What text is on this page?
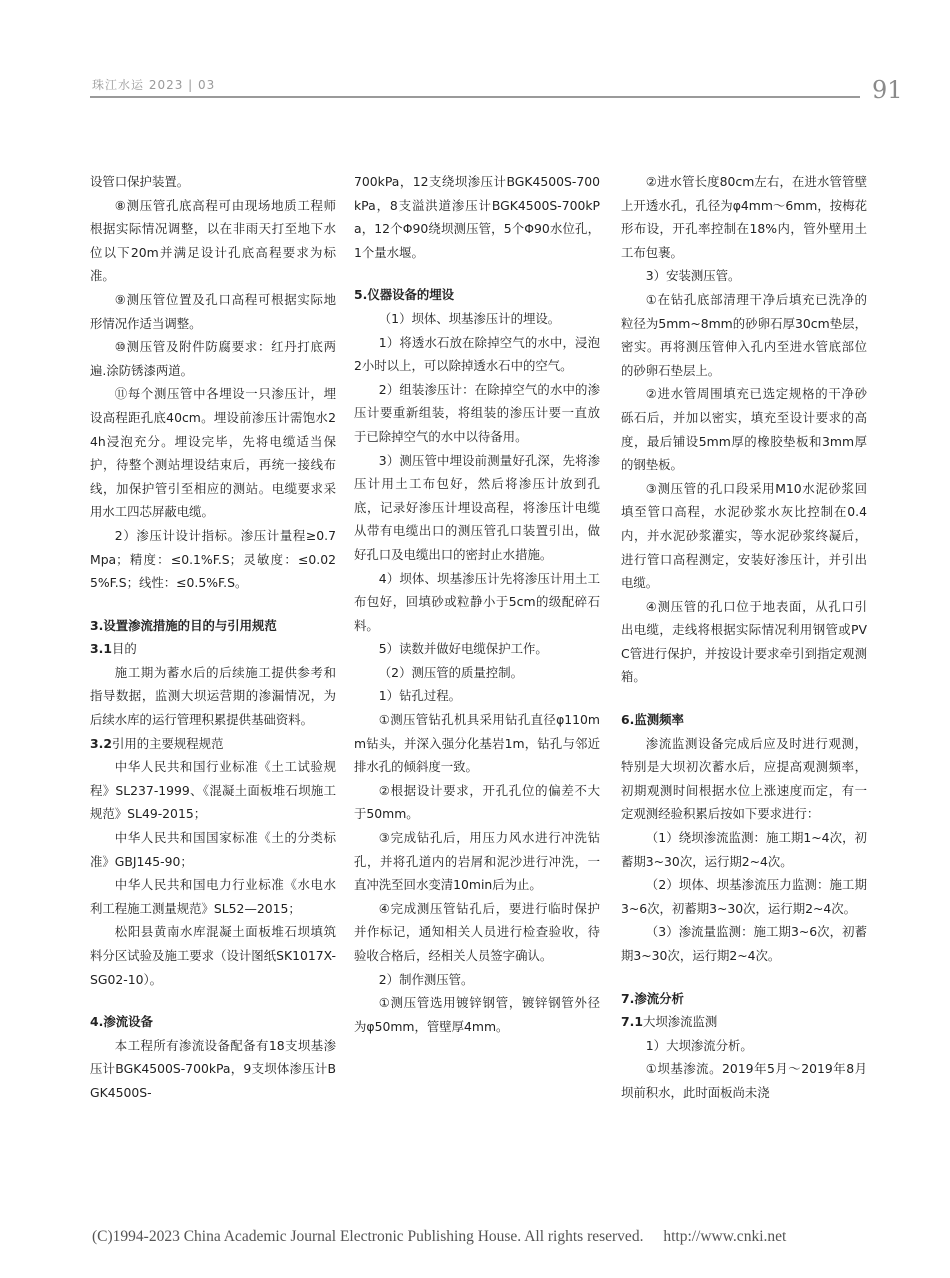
珠江水运 2023 | 03	91

设管口保护装置。

⑧测压管孔底高程可由现场地质工程师根据实际情况调整，以在非雨天打至地下水位以下20m并满足设计孔底高程要求为标准。

⑨测压管位置及孔口高程可根据实际地形情况作适当调整。

⑩测压管及附件防腐要求：红丹打底两遍.涂防锈漆两道。

⑪每个测压管中各埋设一只渗压计，埋设高程距孔底40cm。埋设前渗压计需饱水24h浸泡充分。埋设完毕，先将电缆适当保护，待整个测站埋设结束后，再统一接线布线，加保护管引至相应的测站。电缆要求采用水工四芯屏蔽电缆。

2）渗压计设计指标。渗压计量程≥0.7Mpa；精度：≤0.1%F.S；灵敏度：≤0.025%F.S；线性：≤0.5%F.S。

3.设置渗流措施的目的与引用规范
3.1目的

施工期为蓄水后的后续施工提供参考和指导数据，监测大坝运营期的渗漏情况，为后续水库的运行管理积累提供基础资料。

3.2引用的主要规程规范

中华人民共和国行业标准《土工试验规程》SL237-1999、《混凝土面板堆石坝施工规范》SL49-2015；

中华人民共和国国家标准《土的分类标准》GBJ145-90；

中华人民共和国电力行业标准《水电水利工程施工测量规范》SL52—2015；

松阳县黄南水库混凝土面板堆石坝填筑料分区试验及施工要求（设计图纸SK1017X-SG02-10）。

4.渗流设备

本工程所有渗流设备配备有18支坝基渗压计BGK4500S-700kPa，9支坝体渗压计BGK4500S-

700kPa，12支绕坝渗压计BGK4500S-700kPa，8支溢洪道渗压计BGK4500S-700kPa，12个Φ90绕坝测压管，5个Φ90水位孔，1个量水堰。

5.仪器设备的埋设

（1）坝体、坝基渗压计的埋设。

1）将透水石放在除掉空气的水中，浸泡2小时以上，可以除掉透水石中的空气。

2）组装渗压计：在除掉空气的水中的渗压计要重新组装，将组装的渗压计要一直放于已除掉空气的水中以待备用。

3）测压管中埋设前测量好孔深，先将渗压计用土工布包好，然后将渗压计放到孔底，记录好渗压计埋设高程，将渗压计电缆从带有电缆出口的测压管孔口装置引出，做好孔口及电缆出口的密封止水措施。

4）坝体、坝基渗压计先将渗压计用土工布包好，回填砂或粒静小于5cm的级配碎石料。

5）读数并做好电缆保护工作。

（2）测压管的质量控制。

1）钻孔过程。

①测压管钻孔机具采用钻孔直径φ110mm钻头，并深入强分化基岩1m，钻孔与邻近排水孔的倾斜度一致。

②根据设计要求，开孔孔位的偏差不大于50mm。

③完成钻孔后，用压力风水进行冲洗钻孔，并将孔道内的岩屑和泥沙进行冲洗，一直冲洗至回水变清10min后为止。

④完成测压管钻孔后，要进行临时保护并作标记，通知相关人员进行检查验收，待验收合格后，经相关人员签字确认。

2）制作测压管。

①测压管选用镀锌钢管，镀锌钢管外径为φ50mm，管壁厚4mm。

②进水管长度80cm左右，在进水管管壁上开透水孔，孔径为φ4mm～6mm，按梅花形布设，开孔率控制在18%内，管外壁用土工布包裹。

3）安装测压管。

①在钻孔底部清理干净后填充已洗净的粒径为5mm~8mm的砂卵石厚30cm垫层，密实。再将测压管伸入孔内至进水管底部位的砂卵石垫层上。

②进水管周围填充已选定规格的干净砂砾石后，并加以密实，填充至设计要求的高度，最后铺设5mm厚的橡胶垫板和3mm厚的钢垫板。

③测压管的孔口段采用M10水泥砂浆回填至管口高程，水泥砂浆水灰比控制在0.4内，并水泥砂浆灌实，等水泥砂浆终凝后，进行管口高程测定，安装好渗压计，并引出电缆。

④测压管的孔口位于地表面，从孔口引出电缆，走线将根据实际情况利用钢管或PVC管进行保护，并按设计要求牵引到指定观测箱。

6.监测频率

渗流监测设备完成后应及时进行观测，特别是大坝初次蓄水后，应提高观测频率，初期观测时间根据水位上涨速度而定，有一定观测经验积累后按如下要求进行：

（1）绕坝渗流监测：施工期1~4次，初蓄期3~30次，运行期2~4次。

（2）坝体、坝基渗流压力监测：施工期3~6次，初蓄期3~30次，运行期2~4次。

（3）渗流量监测：施工期3~6次，初蓄期3~30次，运行期2~4次。

7.渗流分析
7.1大坝渗流监测

1）大坝渗流分析。

①坝基渗流。2019年5月～2019年8月坝前积水，此时面板尚未浇

(C)1994-2023 China Academic Journal Electronic Publishing House. All rights reserved. http://www.cnki.net
